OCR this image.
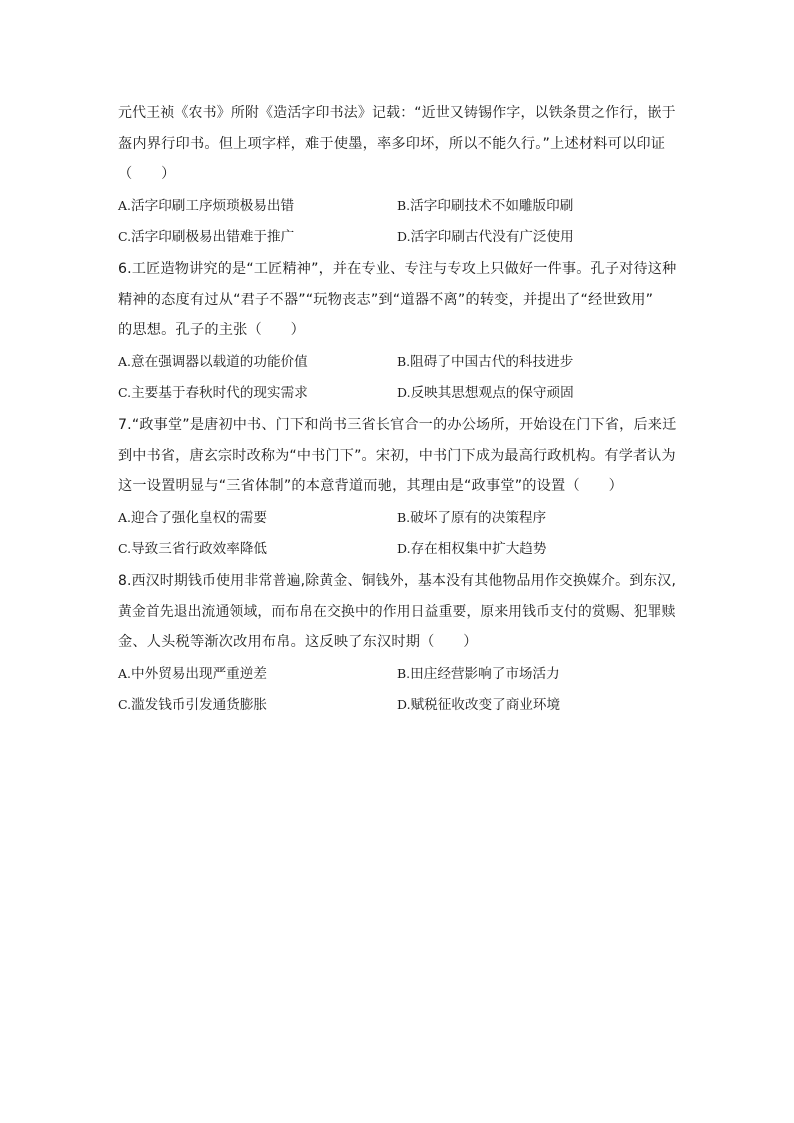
元代王祯《农书》所附《造活字印书法》记载：“近世又铸锡作字，以铁条贯之作行，嵌于
盔内界行印书。但上项字样，难于使墨，率多印坏，所以不能久行。”上述材料可以印证
（　　）
A.活字印刷工序烦琐极易出错	B.活字印刷技术不如雕版印刷
C.活字印刷极易出错难于推广	D.活字印刷古代没有广泛使用
6.工匠造物讲究的是“工匠精神”，并在专业、专注与专攻上只做好一件事。孔子对待这种
精神的态度有过从“君子不器”“玩物丧志”到“道器不离”的转变，并提出了“经世致用”
的思想。孔子的主张（　　）
A.意在强调器以载道的功能价值	B.阻碍了中国古代的科技进步
C.主要基于春秋时代的现实需求	D.反映其思想观点的保守顽固
7.“政事堂”是唐初中书、门下和尚书三省长官合一的办公场所，开始设在门下省，后来迁
到中书省，唐玄宗时改称为“中书门下”。宋初，中书门下成为最高行政机构。有学者认为
这一设置明显与“三省体制”的本意背道而驰，其理由是“政事堂”的设置（　　）
A.迎合了强化皇权的需要	B.破坏了原有的决策程序
C.导致三省行政效率降低	D.存在相权集中扩大趋势
8.西汉时期钱币使用非常普遍,除黄金、铜钱外，基本没有其他物品用作交换媒介。到东汉,
黄金首先退出流通领域，而布帛在交换中的作用日益重要，原来用钱币支付的赏赐、犯罪赎
金、人头税等渐次改用布帛。这反映了东汉时期（　　）
A.中外贸易出现严重逆差	B.田庄经营影响了市场活力
C.滥发钱币引发通货膨胀	D.赋税征收改变了商业环境
